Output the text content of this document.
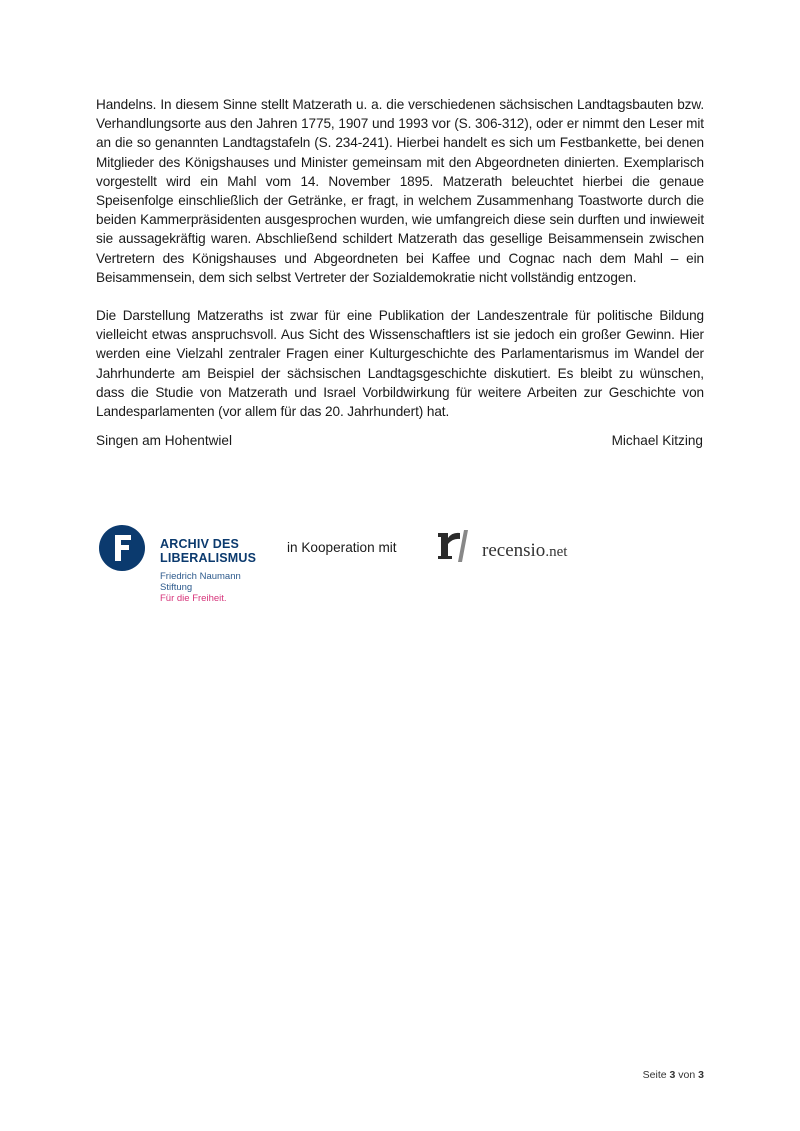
Handelns. In diesem Sinne stellt Matzerath u. a. die verschiedenen sächsischen Landtagsbauten bzw. Verhandlungsorte aus den Jahren 1775, 1907 und 1993 vor (S. 306-312), oder er nimmt den Leser mit an die so genannten Landtagstafeln (S. 234-241). Hierbei handelt es sich um Festbankette, bei denen Mitglieder des Königshauses und Minister gemeinsam mit den Abgeordneten dinierten. Exemplarisch vorgestellt wird ein Mahl vom 14. November 1895. Matzerath beleuchtet hierbei die genaue Speisenfolge einschließlich der Getränke, er fragt, in welchem Zusammenhang Toastworte durch die beiden Kammerpräsidenten ausgesprochen wurden, wie umfangreich diese sein durften und inwieweit sie aussagekräftig waren. Abschließend schildert Matzerath das gesellige Beisammensein zwischen Vertretern des Königshauses und Abgeordneten bei Kaffee und Cognac nach dem Mahl – ein Beisammensein, dem sich selbst Vertreter der Sozialdemokratie nicht vollständig entzogen.

Die Darstellung Matzeraths ist zwar für eine Publikation der Landeszentrale für politische Bildung vielleicht etwas anspruchsvoll. Aus Sicht des Wissenschaftlers ist sie jedoch ein großer Gewinn. Hier werden eine Vielzahl zentraler Fragen einer Kulturgeschichte des Parlamentarismus im Wandel der Jahrhunderte am Beispiel der sächsischen Landtagsgeschichte diskutiert. Es bleibt zu wünschen, dass die Studie von Matzerath und Israel Vorbildwirkung für weitere Arbeiten zur Geschichte von Landesparlamenten (vor allem für das 20. Jahrhundert) hat.

Singen am Hohentwiel	Michael Kitzing
ARCHIV DES
LIBERALISMUS
Friedrich Naumann Stiftung
Für die Freiheit.
in Kooperation mit	recensio.net
Seite 3 von 3
